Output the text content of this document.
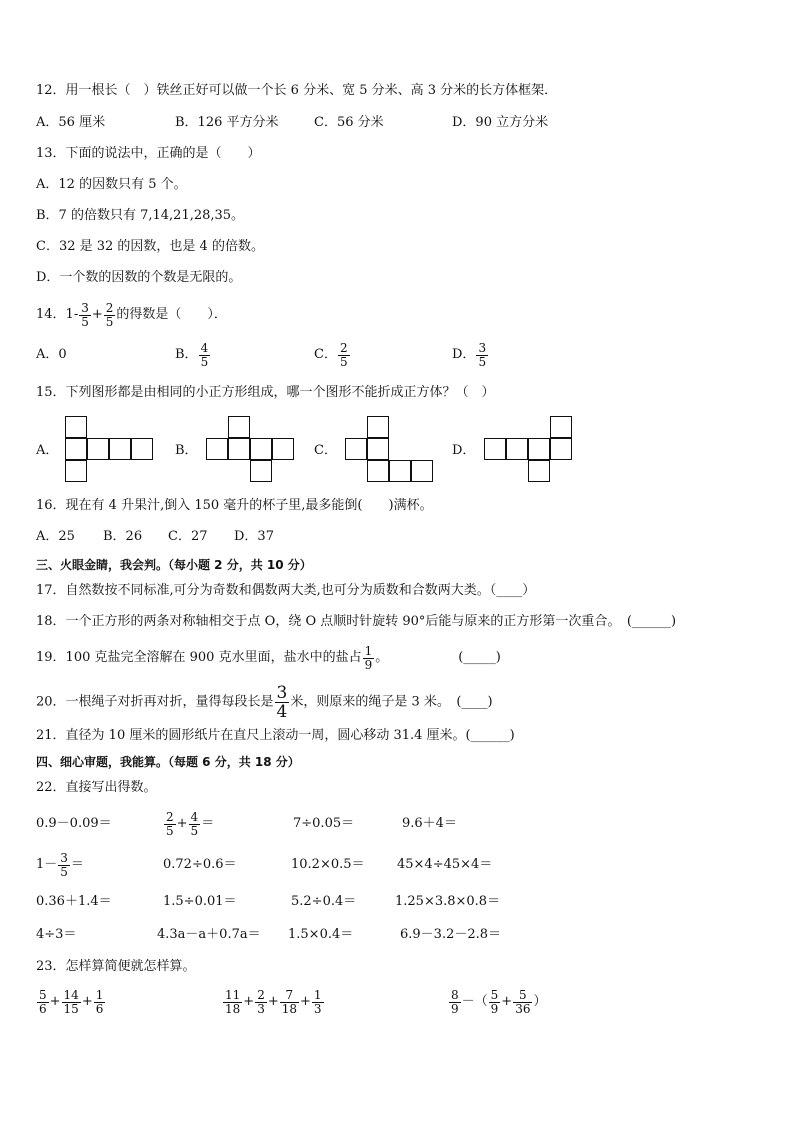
12．用一根长（　）铁丝正好可以做一个长 6 分米、宽 5 分米、高 3 分米的长方体框架．
A．56 厘米	B．126 平方分米	C．56 分米	D．90 立方分米
13．下面的说法中，正确的是（　　）
A．12 的因数只有 5 个。
B．7 的倍数只有 7,14,21,28,35。
C．32 是 32 的因数，也是 4 的倍数。
D．一个数的因数的个数是无限的。
14．$1- \frac{3}{5} + \frac{2}{5}$ 的得数是（　　）．
A．0	B． $\frac{4}{5}$	C． $\frac{2}{5}$	D． $\frac{3}{5}$
15．下列图形都是由相同的小正方形组成，哪一个图形不能折成正方体？（　）
A．	B．	C．	D．
16．现在有 4 升果汁,倒入 150 毫升的杯子里,最多能倒(　　)满杯。
A．25 B．26 C．27 D．37
三、火眼金睛，我会判。（每小题 2 分，共 10 分）
17．自然数按不同标准,可分为奇数和偶数两大类,也可分为质数和合数两大类。（____）
18．一个正方形的两条对称轴相交于点 O，绕 O 点顺时针旋转 90°后能与原来的正方形第一次重合。　(______)
19．100 克盐完全溶解在 900 克水里面，盐水中的盐占 $\frac{1}{9}$ 。	(_____)
20．一根绳子对折再对折，量得每段长是 $\frac{3}{4}$ 米，则原来的绳子是 3 米。　(____)
21．直径为 10 厘米的圆形纸片在直尺上滚动一周，圆心移动 31.4 厘米。(______)
四、细心审题，我能算。（每题 6 分，共 18 分）
22．直接写出得数。
0.9－0.09＝	$\frac{2}{5} + \frac{4}{5}$ ＝	7÷0.05＝	9.6＋4＝
$1- \frac{3}{5}$ ＝	0.72÷0.6＝	10.2×0.5＝ 45×4÷45×4＝
0.36＋1.4＝	1.5÷0.01＝	5.2÷0.4＝	1.25×3.8×0.8＝
4÷3＝	4.3a－a＋0.7a＝ 1.5×0.4＝	6.9－3.2－2.8＝
23．怎样算简便就怎样算。
$\frac{5}{6} + \frac{14}{15} + \frac{1}{6}$	$\frac{11}{18} + \frac{2}{3} + \frac{7}{18} + \frac{1}{3}$	$\frac{8}{9}$ －（ $\frac{5}{9} + \frac{5}{36}$ ）
